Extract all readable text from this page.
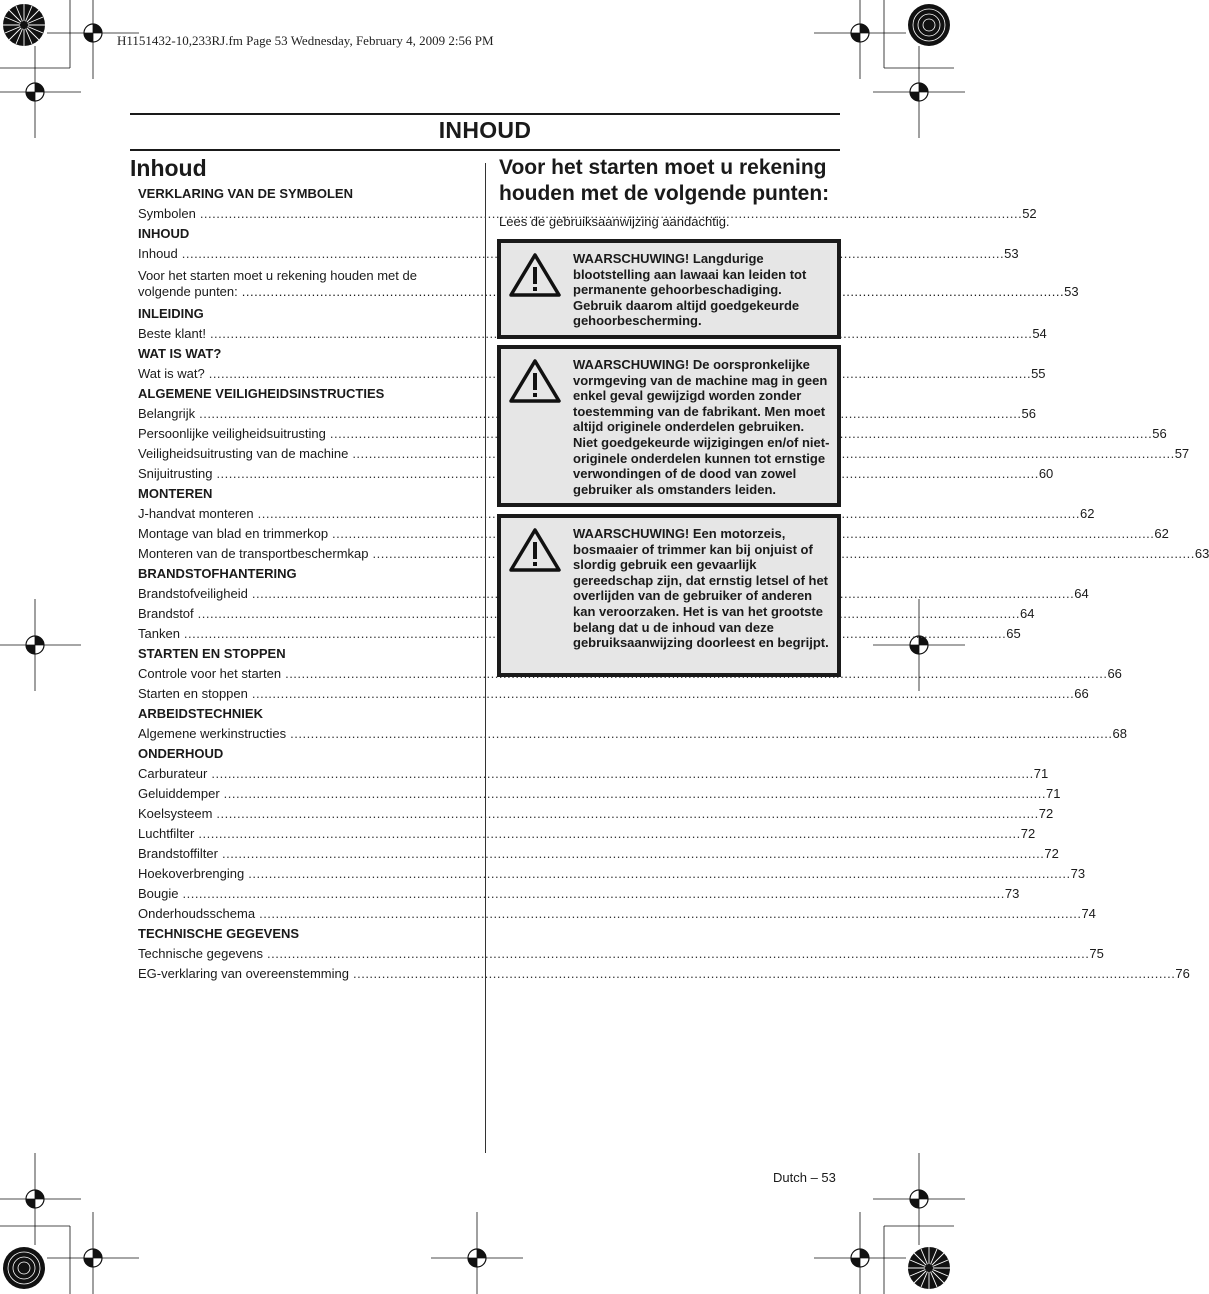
H1151432-10,233RJ.fm Page 53 Wednesday, February 4, 2009 2:56 PM
INHOUD
Inhoud
VERKLARING VAN DE SYMBOLEN
Symbolen .....	52
INHOUD
Inhoud .....	53
Voor het starten moet u rekening houden met de
volgende punten: .....	53
INLEIDING
Beste klant! .....	54
WAT IS WAT?
Wat is wat? .....	55
ALGEMENE VEILIGHEIDSINSTRUCTIES
Belangrijk .....	56
Persoonlijke veiligheidsuitrusting .....	56
Veiligheidsuitrusting van de machine .....	57
Snijuitrusting .....	60
MONTEREN
J-handvat monteren .....	62
Montage van blad en trimmerkop .....	62
Monteren van de transportbeschermkap .....	63
BRANDSTOFHANTERING
Brandstofveiligheid .....	64
Brandstof .....	64
Tanken .....	65
STARTEN EN STOPPEN
Controle voor het starten .....	66
Starten en stoppen .....	66
ARBEIDSTECHNIEK
Algemene werkinstructies .....	68
ONDERHOUD
Carburateur .....	71
Geluiddemper .....	71
Koelsysteem .....	72
Luchtfilter .....	72
Brandstoffilter .....	72
Hoekoverbrenging .....	73
Bougie .....	73
Onderhoudsschema .....	74
TECHNISCHE GEGEVENS
Technische gegevens .....	75
EG-verklaring van overeenstemming .....	76
Voor het starten moet u rekening houden met de volgende punten:
Lees de gebruiksaanwijzing aandachtig.
WAARSCHUWING! Langdurige blootstelling aan lawaai kan leiden tot permanente gehoorbeschadiging. Gebruik daarom altijd goedgekeurde gehoorbescherming.
WAARSCHUWING! De oorspronkelijke vormgeving van de machine mag in geen enkel geval gewijzigd worden zonder toestemming van de fabrikant. Men moet altijd originele onderdelen gebruiken. Niet goedgekeurde wijzigingen en/of niet-originele onderdelen kunnen tot ernstige verwondingen of de dood van zowel gebruiker als omstanders leiden.
WAARSCHUWING! Een motorzeis, bosmaaier of trimmer kan bij onjuist of slordig gebruik een gevaarlijk gereedschap zijn, dat ernstig letsel of het overlijden van de gebruiker of anderen kan veroorzaken. Het is van het grootste belang dat u de inhoud van deze gebruiksaanwijzing doorleest en begrijpt.
Dutch – 53
